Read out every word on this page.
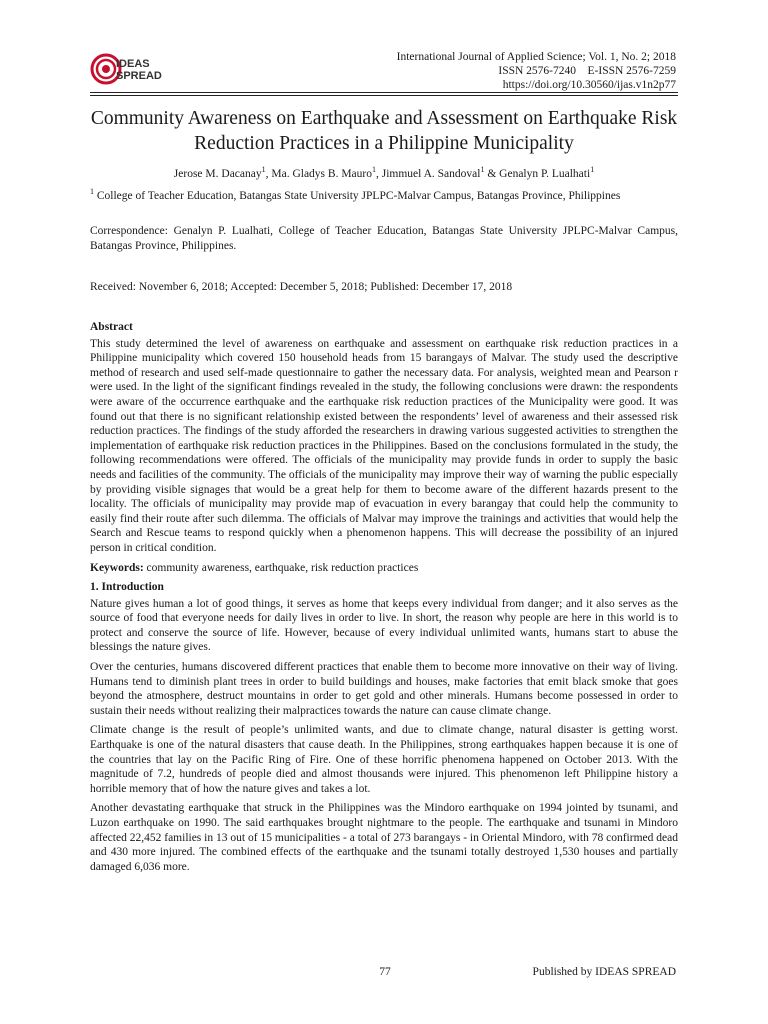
IDEAS
SPREAD
International Journal of Applied Science; Vol. 1, No. 2; 2018
ISSN 2576-7240    E-ISSN 2576-7259
https://doi.org/10.30560/ijas.v1n2p77
Community Awareness on Earthquake and Assessment on Earthquake Risk Reduction Practices in a Philippine Municipality
Jerose M. Dacanay$^1$, Ma. Gladys B. Mauro$^1$, Jimmuel A. Sandoval$^1$ & Genalyn P. Lualhati$^1$
$^1$ College of Teacher Education, Batangas State University JPLPC-Malvar Campus, Batangas Province, Philippines
Correspondence: Genalyn P. Lualhati, College of Teacher Education, Batangas State University JPLPC-Malvar Campus, Batangas Province, Philippines.
Received: November 6, 2018; Accepted: December 5, 2018; Published: December 17, 2018
Abstract

This study determined the level of awareness on earthquake and assessment on earthquake risk reduction practices in a Philippine municipality which covered 150 household heads from 15 barangays of Malvar. The study used the descriptive method of research and used self-made questionnaire to gather the necessary data. For analysis, weighted mean and Pearson r were used. In the light of the significant findings revealed in the study, the following conclusions were drawn: the respondents were aware of the occurrence earthquake and the earthquake risk reduction practices of the Municipality were good. It was found out that there is no significant relationship existed between the respondents’ level of awareness and their assessed risk reduction practices. The findings of the study afforded the researchers in drawing various suggested activities to strengthen the implementation of earthquake risk reduction practices in the Philippines. Based on the conclusions formulated in the study, the following recommendations were offered. The officials of the municipality may provide funds in order to supply the basic needs and facilities of the community. The officials of the municipality may improve their way of warning the public especially by providing visible signages that would be a great help for them to become aware of the different hazards present to the locality. The officials of municipality may provide map of evacuation in every barangay that could help the community to easily find their route after such dilemma. The officials of Malvar may improve the trainings and activities that would help the Search and Rescue teams to respond quickly when a phenomenon happens. This will decrease the possibility of an injured person in critical condition.

Keywords: community awareness, earthquake, risk reduction practices

1. Introduction

Nature gives human a lot of good things, it serves as home that keeps every individual from danger; and it also serves as the source of food that everyone needs for daily lives in order to live. In short, the reason why people are here in this world is to protect and conserve the source of life. However, because of every individual unlimited wants, humans start to abuse the blessings the nature gives.

Over the centuries, humans discovered different practices that enable them to become more innovative on their way of living. Humans tend to diminish plant trees in order to build buildings and houses, make factories that emit black smoke that goes beyond the atmosphere, destruct mountains in order to get gold and other minerals. Humans become possessed in order to sustain their needs without realizing their malpractices towards the nature can cause climate change.

Climate change is the result of people’s unlimited wants, and due to climate change, natural disaster is getting worst. Earthquake is one of the natural disasters that cause death. In the Philippines, strong earthquakes happen because it is one of the countries that lay on the Pacific Ring of Fire. One of these horrific phenomena happened on October 2013. With the magnitude of 7.2, hundreds of people died and almost thousands were injured. This phenomenon left Philippine history a horrible memory that of how the nature gives and takes a lot.

Another devastating earthquake that struck in the Philippines was the Mindoro earthquake on 1994 jointed by tsunami, and Luzon earthquake on 1990. The said earthquakes brought nightmare to the people. The earthquake and tsunami in Mindoro affected 22,452 families in 13 out of 15 municipalities - a total of 273 barangays - in Oriental Mindoro, with 78 confirmed dead and 430 more injured. The combined effects of the earthquake and the tsunami totally destroyed 1,530 houses and partially damaged 6,036 more.

77	Published by IDEAS SPREAD
